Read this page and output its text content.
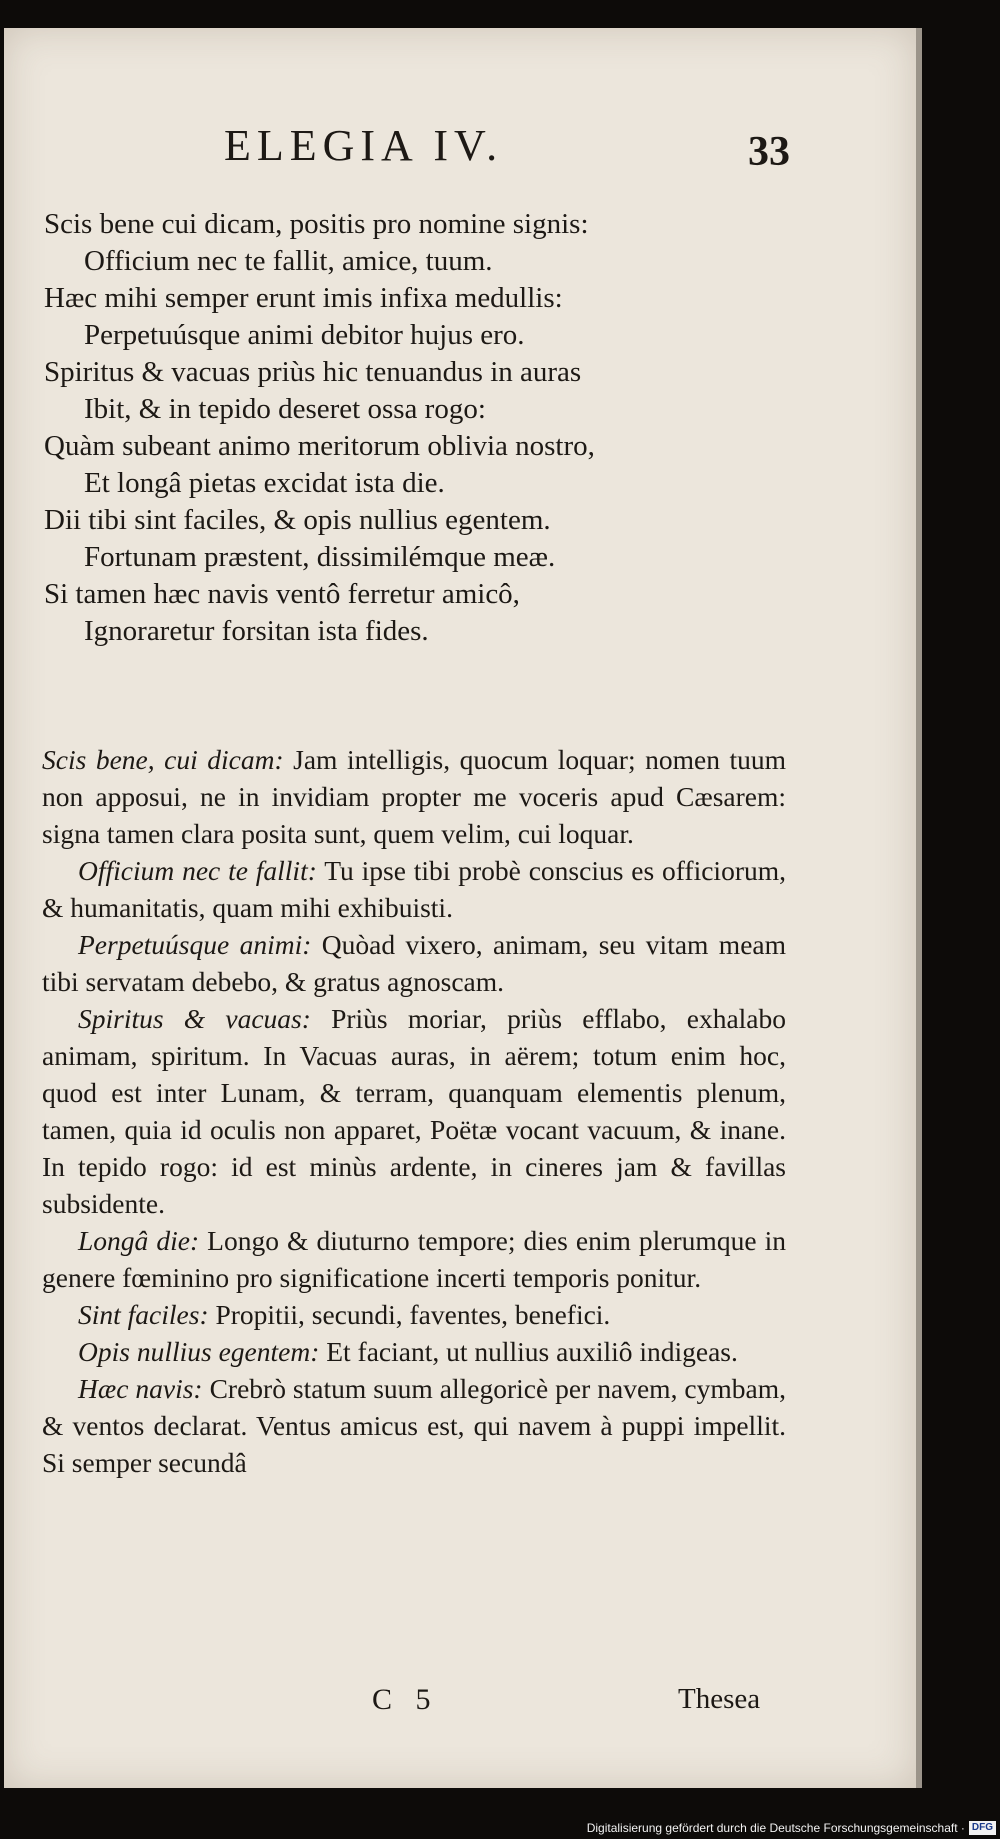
ELEGIA IV.	33
Scis bene cui dicam, positis pro nomine signis:
Officium nec te fallit, amice, tuum.
Hæc mihi semper erunt imis infixa medullis:
Perpetuúsque animi debitor hujus ero.
Spiritus & vacuas priùs hic tenuandus in auras
Ibit, & in tepido deseret ossa rogo:
Quàm subeant animo meritorum oblivia nostro,
Et longâ pietas excidat ista die.
Dii tibi sint faciles, & opis nullius egentem.
Fortunam præstent, dissimilémque meæ.
Si tamen hæc navis ventô ferretur amicô,
Ignoraretur forsitan ista fides.

Scis bene, cui dicam: Jam intelligis, quocum loquar; nomen tuum non apposui, ne in invidiam propter me voceris apud Cæsarem: signa tamen clara posita sunt, quem velim, cui loquar.

Officium nec te fallit: Tu ipse tibi probè conscius es officiorum, & humanitatis, quam mihi exhibuisti.

Perpetuúsque animi: Quòad vixero, animam, seu vitam meam tibi servatam debebo, & gratus agnoscam.

Spiritus & vacuas: Priùs moriar, priùs efflabo, exhalabo animam, spiritum. In Vacuas auras, in aërem; totum enim hoc, quod est inter Lunam, & terram, quanquam elementis plenum, tamen, quia id oculis non apparet, Poëtæ vocant vacuum, & inane. In tepido rogo: id est minùs ardente, in cineres jam & favillas subsidente.

Longâ die: Longo & diuturno tempore; dies enim plerumque in genere fœminino pro significatione incerti temporis ponitur.

Sint faciles: Propitii, secundi, faventes, benefici.

Opis nullius egentem: Et faciant, ut nullius auxiliô indigeas.

Hæc navis: Crebrò statum suum allegoricè per navem, cymbam, & ventos declarat. Ventus amicus est, qui navem à puppi impellit. Si semper secundâ

C 5	Thesea
Digitalisierung gefördert durch die Deutsche Forschungsgemeinschaft · DFG
